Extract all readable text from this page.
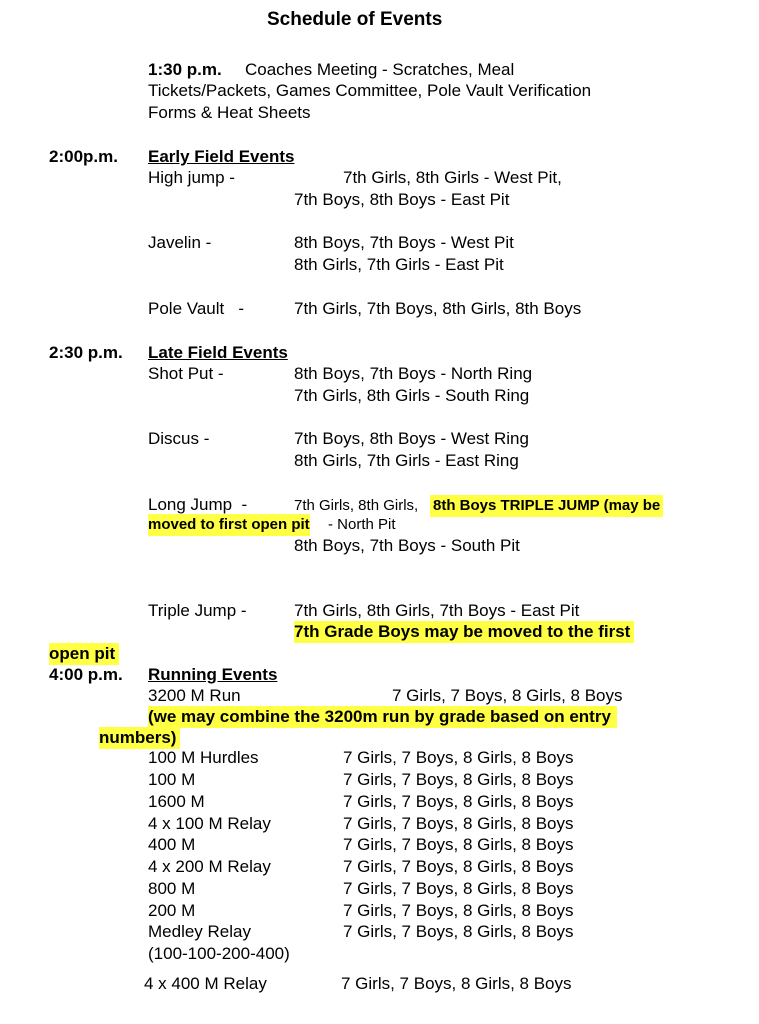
Schedule of Events
1:30 p.m. Coaches Meeting - Scratches, Meal
Tickets/Packets, Games Committee, Pole Vault Verification
Forms & Heat Sheets
2:00p.m. Early Field Events
High jump -	7th Girls, 8th Girls - West Pit,
7th Boys, 8th Boys - East Pit
Javelin -	8th Boys, 7th Boys - West Pit
8th Girls, 7th Girls - East Pit
Pole Vault   -	7th Girls, 7th Boys, 8th Girls, 8th Boys
2:30 p.m. Late Field Events
Shot Put -	8th Boys, 7th Boys - North Ring
7th Girls, 8th Girls - South Ring
Discus -	7th Boys, 8th Boys - West Ring
8th Girls, 7th Girls - East Ring
Long Jump  -	7th Girls, 8th Girls, 8th Boys TRIPLE JUMP (may be
moved to first open pit - North Pit
8th Boys, 7th Boys - South Pit
Triple Jump -	7th Girls, 8th Girls, 7th Boys - East Pit
7th Grade Boys may be moved to the first
open pit
4:00 p.m. Running Events
3200 M Run	7 Girls, 7 Boys, 8 Girls, 8 Boys
(we may combine the 3200m run by grade based on entry
numbers)
100 M Hurdles	7 Girls, 7 Boys, 8 Girls, 8 Boys
100 M	7 Girls, 7 Boys, 8 Girls, 8 Boys
1600 M	7 Girls, 7 Boys, 8 Girls, 8 Boys
4 x 100 M Relay	7 Girls, 7 Boys, 8 Girls, 8 Boys
400 M	7 Girls, 7 Boys, 8 Girls, 8 Boys
4 x 200 M Relay	7 Girls, 7 Boys, 8 Girls, 8 Boys
800 M	7 Girls, 7 Boys, 8 Girls, 8 Boys
200 M	7 Girls, 7 Boys, 8 Girls, 8 Boys
Medley Relay	7 Girls, 7 Boys, 8 Girls, 8 Boys
(100-100-200-400)
4 x 400 M Relay	7 Girls, 7 Boys, 8 Girls, 8 Boys
